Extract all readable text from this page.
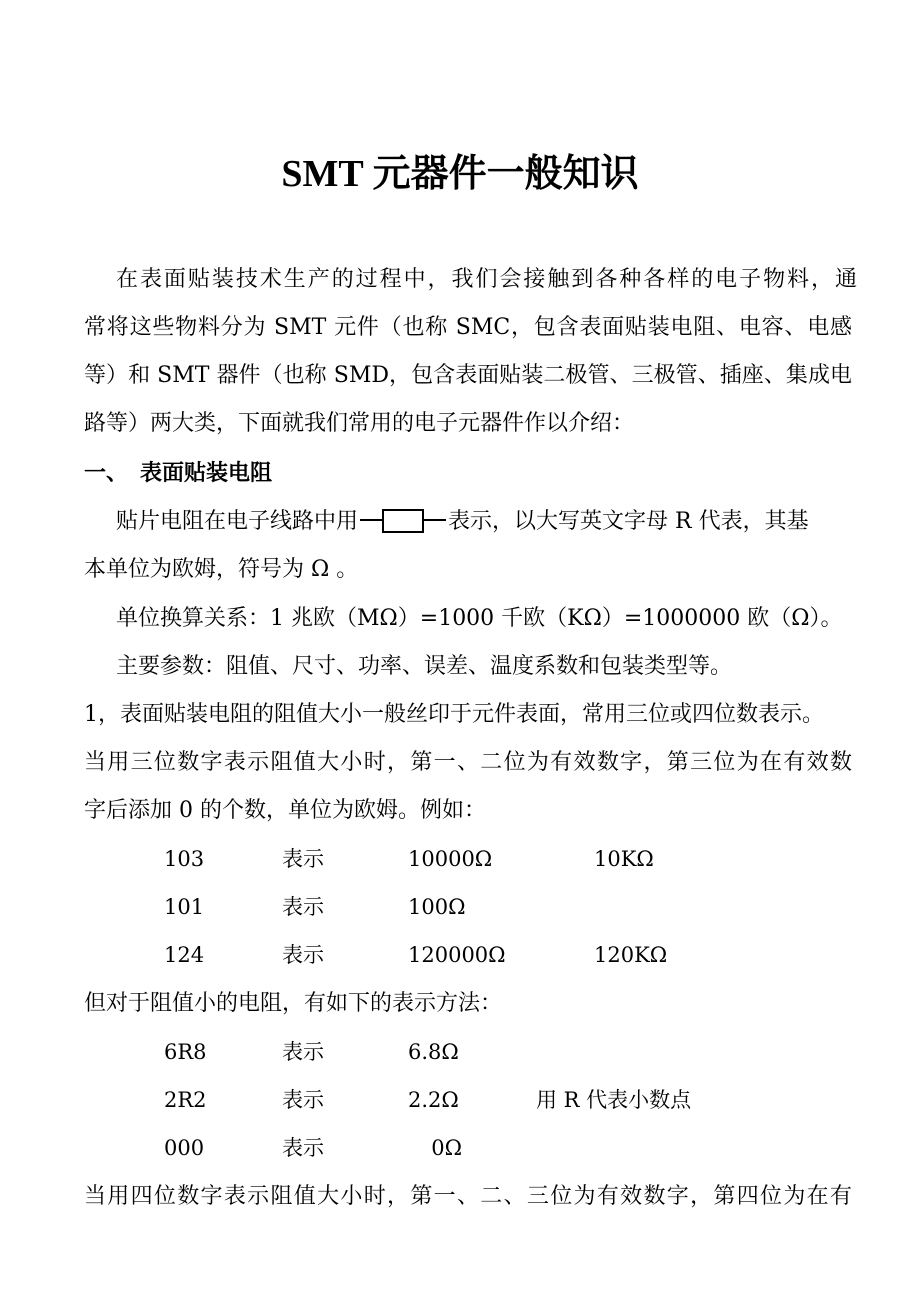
SMT 元器件一般知识
在表面贴装技术生产的过程中，我们会接触到各种各样的电子物料，通
常将这些物料分为 SMT 元件（也称 SMC，包含表面贴装电阻、电容、电感
等）和 SMT 器件（也称 SMD，包含表面贴装二极管、三极管、插座、集成电
路等）两大类，下面就我们常用的电子元器件作以介绍：
一、 表面贴装电阻
贴片电阻在电子线路中用	表示，以大写英文字母 R 代表，其基
本单位为欧姆，符号为 Ω 。
单位换算关系：1 兆欧（MΩ）=1000 千欧（KΩ）=1000000 欧（Ω）。
主要参数：阻值、尺寸、功率、误差、温度系数和包装类型等。
1，表面贴装电阻的阻值大小一般丝印于元件表面，常用三位或四位数表示。
当用三位数字表示阻值大小时，第一、二位为有效数字，第三位为在有效数
字后添加 0 的个数，单位为欧姆。例如：
103	表示	10000Ω	10KΩ
101	表示	100Ω
124	表示	120000Ω	120KΩ
但对于阻值小的电阻，有如下的表示方法：
6R8	表示	6.8Ω
2R2	表示	2.2Ω	用 R 代表小数点
000	表示	0Ω
当用四位数字表示阻值大小时，第一、二、三位为有效数字，第四位为在有
